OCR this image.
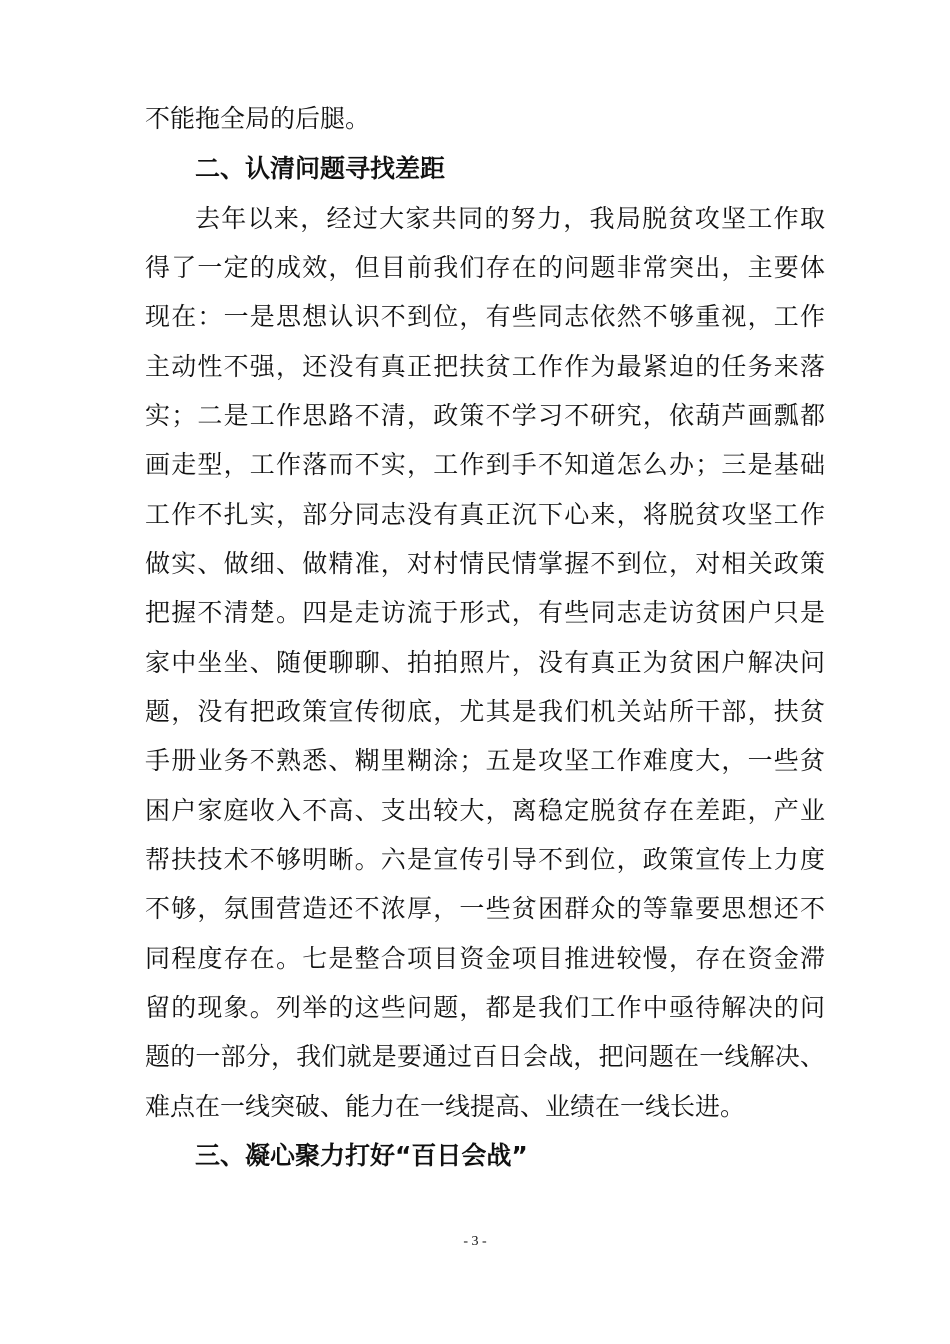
不能拖全局的后腿。
二、认清问题寻找差距
去年以来，经过大家共同的努力，我局脱贫攻坚工作取
得了一定的成效，但目前我们存在的问题非常突出，主要体
现在：一是思想认识不到位，有些同志依然不够重视，工作
主动性不强，还没有真正把扶贫工作作为最紧迫的任务来落
实；二是工作思路不清，政策不学习不研究，依葫芦画瓢都
画走型，工作落而不实，工作到手不知道怎么办；三是基础
工作不扎实，部分同志没有真正沉下心来，将脱贫攻坚工作
做实、做细、做精准，对村情民情掌握不到位，对相关政策
把握不清楚。四是走访流于形式，有些同志走访贫困户只是
家中坐坐、随便聊聊、拍拍照片，没有真正为贫困户解决问
题，没有把政策宣传彻底，尤其是我们机关站所干部，扶贫
手册业务不熟悉、糊里糊涂；五是攻坚工作难度大，一些贫
困户家庭收入不高、支出较大，离稳定脱贫存在差距，产业
帮扶技术不够明晰。六是宣传引导不到位，政策宣传上力度
不够，氛围营造还不浓厚，一些贫困群众的等靠要思想还不
同程度存在。七是整合项目资金项目推进较慢，存在资金滞
留的现象。列举的这些问题，都是我们工作中亟待解决的问
题的一部分，我们就是要通过百日会战，把问题在一线解决、
难点在一线突破、能力在一线提高、业绩在一线长进。
三、凝心聚力打好“百日会战”
- 3 -
